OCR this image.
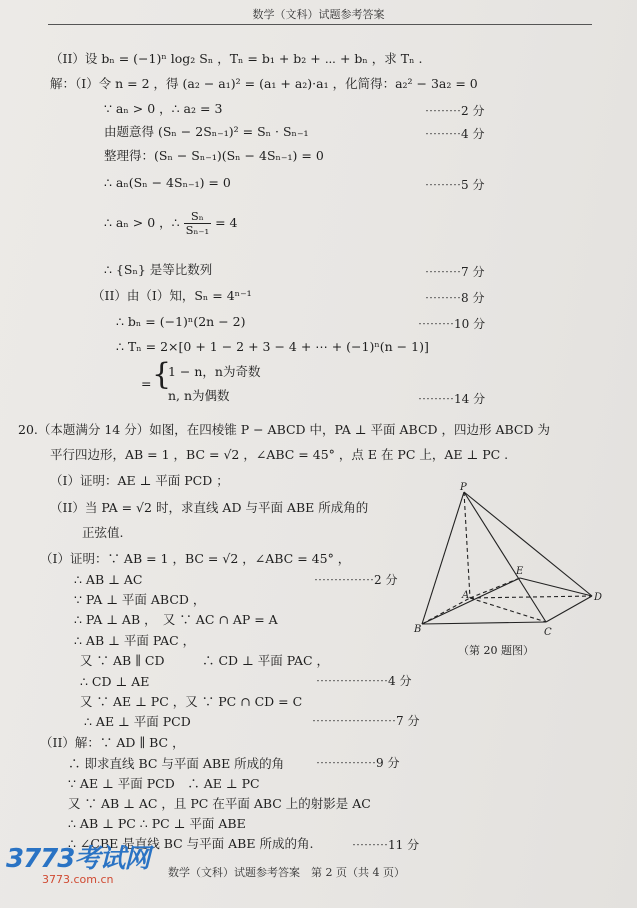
数学（文科）试题参考答案
（II）设 bₙ = (−1)ⁿ log₂ Sₙ ，Tₙ = b₁ + b₂ + ⋯ + bₙ ，求 Tₙ .
解：（I）令 n = 2 ，得 (a₂ − a₁)² = (a₁ + a₂)·a₁ ，化简得：a₂² − 3a₂ = 0
∵ aₙ > 0 ，∴ a₂ = 3	⋯⋯⋯2 分
由题意得 (Sₙ − 2Sₙ₋₁)² = Sₙ · Sₙ₋₁	⋯⋯⋯4 分
整理得：(Sₙ − Sₙ₋₁)(Sₙ − 4Sₙ₋₁) = 0
∴ aₙ(Sₙ − 4Sₙ₋₁) = 0	⋯⋯⋯5 分
∴ aₙ > 0 ，∴ $\frac{\text{Sₙ}}{\text{Sₙ₋₁}} = 4$
∴ {Sₙ} 是等比数列	⋯⋯⋯7 分
（II）由（I）知，Sₙ = 4ⁿ⁻¹	⋯⋯⋯8 分
∴ bₙ = (−1)ⁿ(2n − 2)	⋯⋯⋯10 分
∴ Tₙ = 2×[0 + 1 − 2 + 3 − 4 + ⋯ + (−1)ⁿ(n − 1)]
= {
1 − n，n为奇数
n, n为偶数	⋯⋯⋯14 分
20.（本题满分 14 分）如图，在四棱锥 P − ABCD 中，PA ⊥ 平面 ABCD ，四边形 ABCD 为
平行四边形，AB = 1 ，BC = √2 ，∠ABC = 45° ，点 E 在 PC 上，AE ⊥ PC .
（I）证明：AE ⊥ 平面 PCD ；
（II）当 PA = √2 时，求直线 AD 与平面 ABE 所成角的
正弦值.
（I）证明：∵ AB = 1 ，BC = √2 ，∠ABC = 45° ，
∴ AB ⊥ AC	⋯⋯⋯⋯⋯2 分
∵ PA ⊥ 平面 ABCD ，
∴ PA ⊥ AB ，　又 ∵ AC ∩ AP = A
∴ AB ⊥ 平面 PAC ，
又 ∵ AB ∥ CD　　　∴ CD ⊥ 平面 PAC ，
∴ CD ⊥ AE	⋯⋯⋯⋯⋯⋯4 分
又 ∵ AE ⊥ PC ，又 ∵ PC ∩ CD = C
∴ AE ⊥ 平面 PCD	⋯⋯⋯⋯⋯⋯⋯7 分
（II）解：∵ AD ∥ BC ，
∴ 即求直线 BC 与平面 ABE 所成的角	⋯⋯⋯⋯⋯9 分
∵ AE ⊥ 平面 PCD　∴ AE ⊥ PC
又 ∵ AB ⊥ AC ，且 PC 在平面 ABC 上的射影是 AC
∴ AB ⊥ PC ∴ PC ⊥ 平面 ABE
∴ ∠CBE 是直线 BC 与平面 ABE 所成的角.	⋯⋯⋯11 分
P
A
B	C
D
E
（第 20 题图）
3773考试网
3773.com.cn
数学（文科）试题参考答案　第 2 页（共 4 页）
